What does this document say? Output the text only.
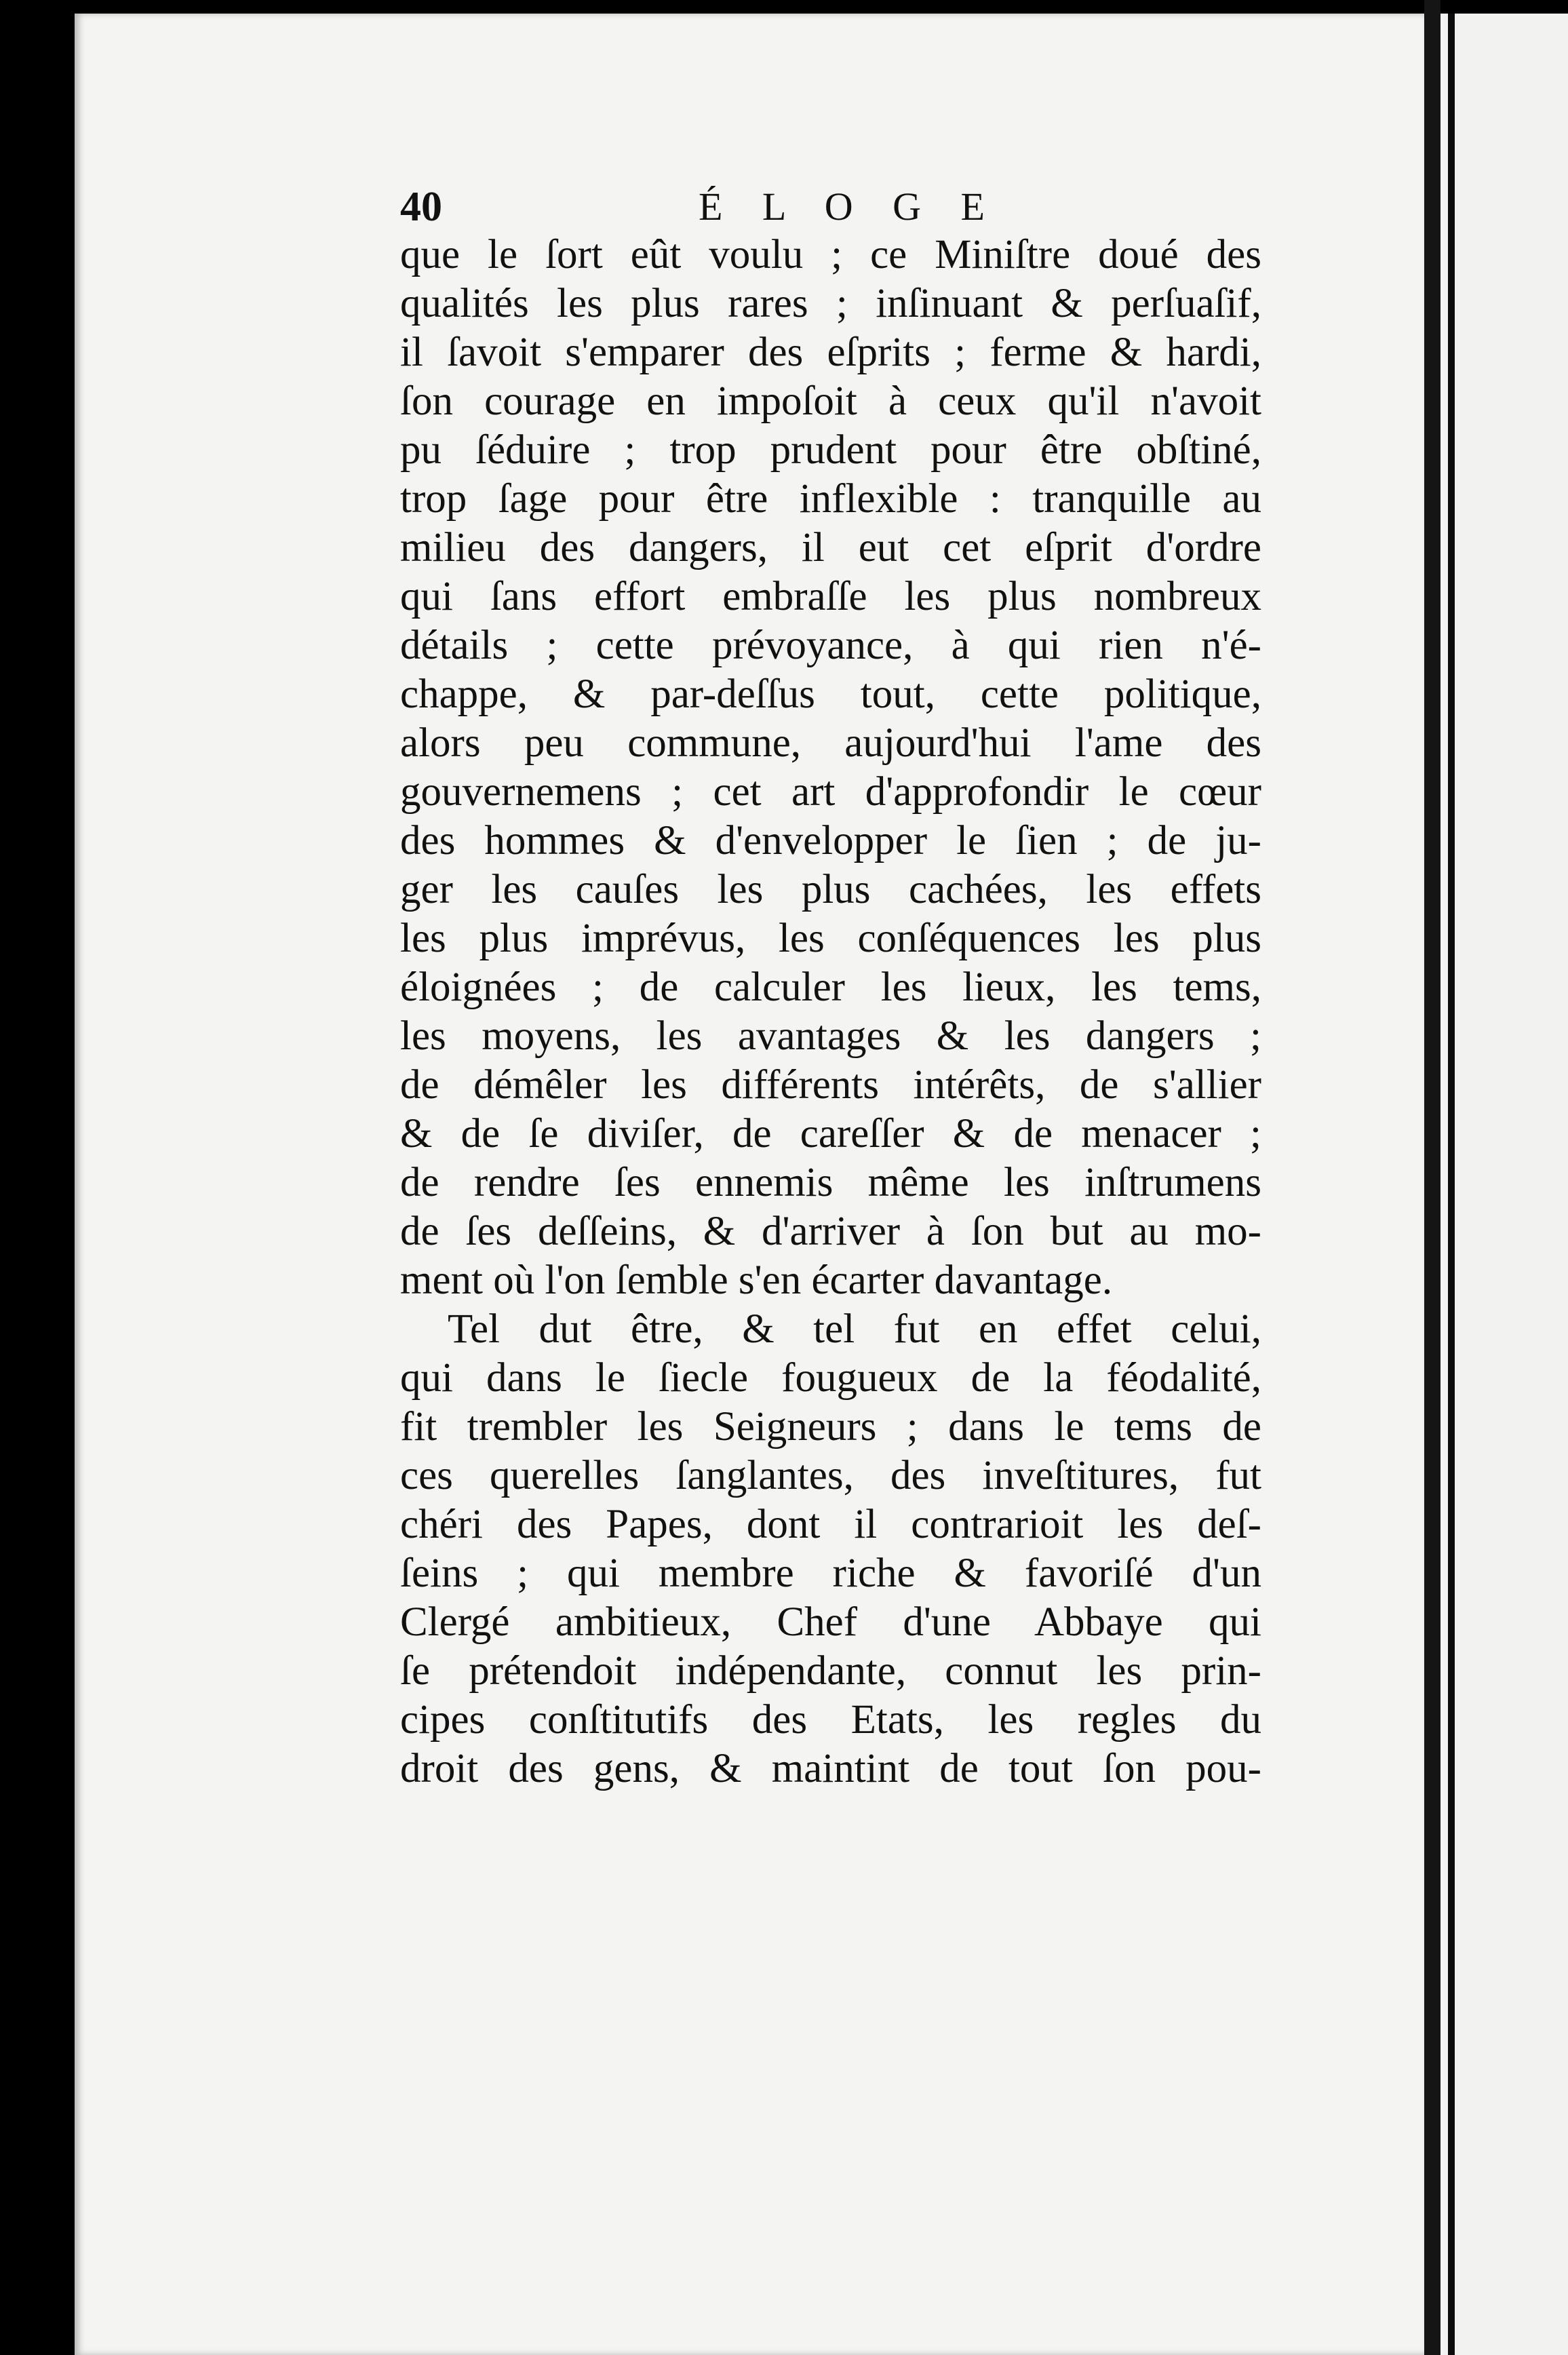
40	É L O G E
que le ſort eût voulu ; ce Miniſtre doué des
qualités les plus rares ; inſinuant & perſuaſif,
il ſavoit s'emparer des eſprits ; ferme & hardi,
ſon courage en impoſoit à ceux qu'il n'avoit
pu ſéduire ; trop prudent pour être obſtiné,
trop ſage pour être inflexible : tranquille au
milieu des dangers, il eut cet eſprit d'ordre
qui ſans effort embraſſe les plus nombreux
détails ; cette prévoyance, à qui rien n'é-
chappe, & par-deſſus tout, cette politique,
alors peu commune, aujourd'hui l'ame des
gouvernemens ; cet art d'approfondir le cœur
des hommes & d'envelopper le ſien ; de ju-
ger les cauſes les plus cachées, les effets
les plus imprévus, les conſéquences les plus
éloignées ; de calculer les lieux, les tems,
les moyens, les avantages & les dangers ;
de démêler les différents intérêts, de s'allier
& de ſe diviſer, de careſſer & de menacer ;
de rendre ſes ennemis même les inſtrumens
de ſes deſſeins, & d'arriver à ſon but au mo-
ment où l'on ſemble s'en écarter davantage.
Tel dut être, & tel fut en effet celui,
qui dans le ſiecle fougueux de la féodalité,
fit trembler les Seigneurs ; dans le tems de
ces querelles ſanglantes, des inveſtitures, fut
chéri des Papes, dont il contrarioit les deſ-
ſeins ; qui membre riche & favoriſé d'un
Clergé ambitieux, Chef d'une Abbaye qui
ſe prétendoit indépendante, connut les prin-
cipes conſtitutifs des Etats, les regles du
droit des gens, & maintint de tout ſon pou-
